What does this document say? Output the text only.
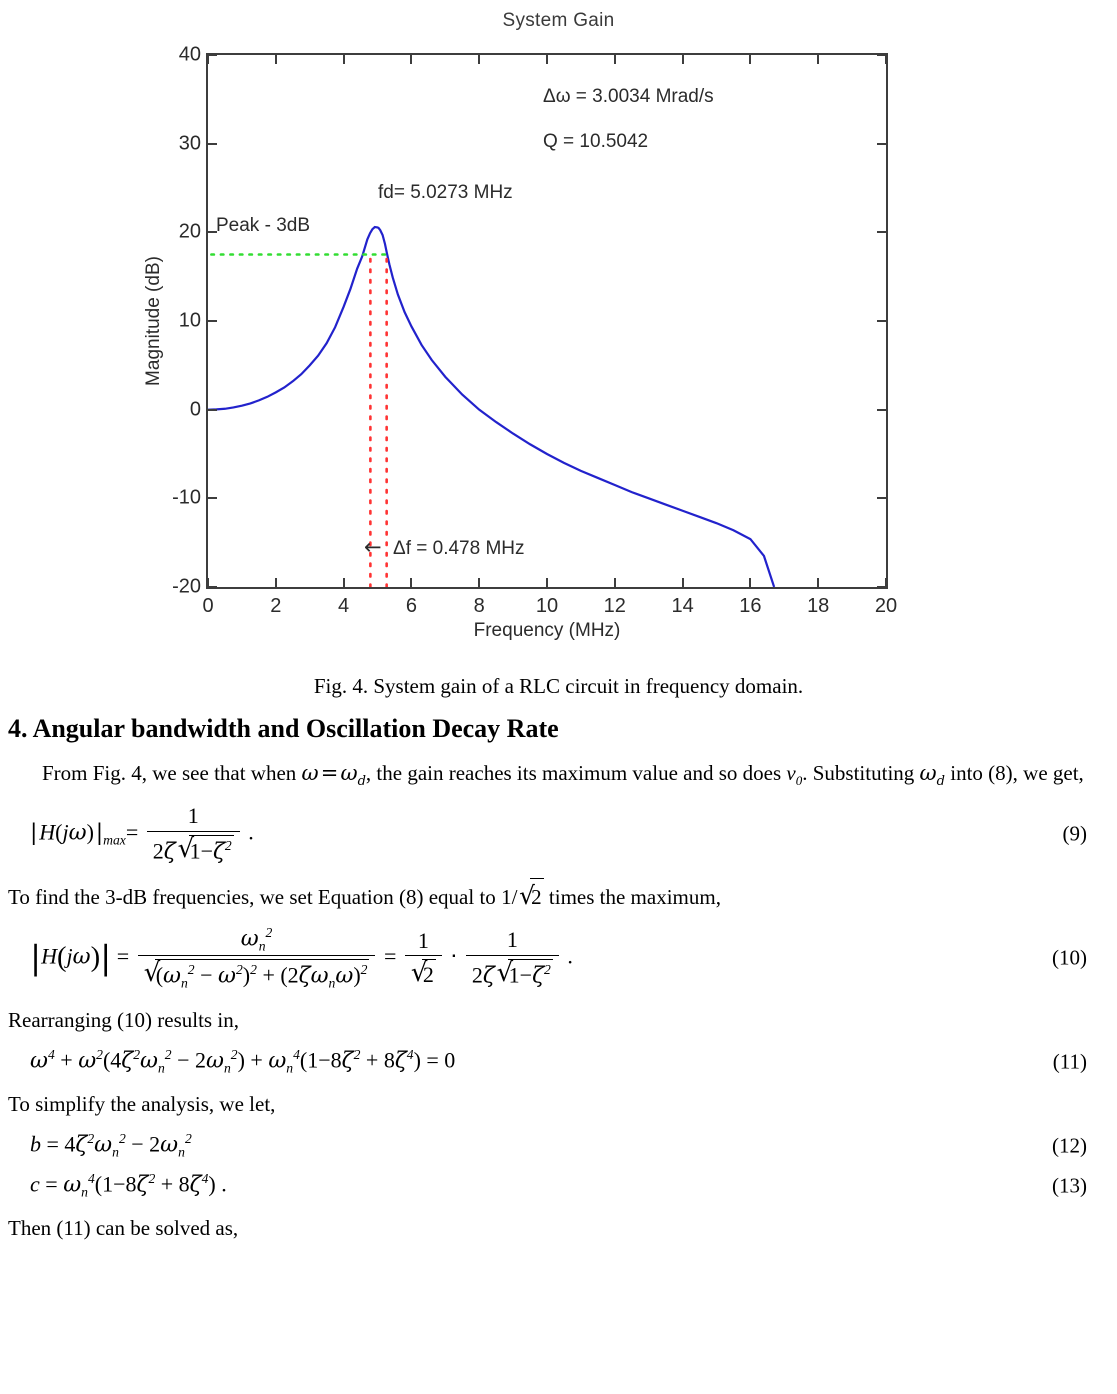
System Gain
Magnitude (dB)
-20
-10
0
10
20
30
40
0	2	4	6	8	10 12 14 16 18 20
Frequency (MHz)
Δω = 3.0034 Mrad/s
Q = 10.5042
fd= 5.0273 MHz
Peak - 3dB
← Δf = 0.478 MHz
Fig. 4. System gain of a RLC circuit in frequency domain.
4. Angular bandwidth and Oscillation Decay Rate

From Fig. 4, we see that when ω = $\omega_d$, the gain reaches its maximum value and so does $v_0$. Substituting $\omega_d$ into (8), we get,

| H(jω) $|_{max}= \frac{1}{2\zeta √ 1-\zeta^2}$ .	(9)

To find the 3-dB frequencies, we set Equation (8) equal to 1/ √ 2 times the maximum,

$|H(j\omega)| = \omega_n^2$
√ $(\omega_n^2 - \omega^2)^2 + (2\zeta\omega_n\omega)^2 = 1$
√ $2 \cdot \frac{1}{2\zeta √ 1-\zeta^2}$ .	(10)

Rearranging (10) results in,

$\omega^4 + \omega^2(4\zeta^2\omega_n^2 - 2\omega_n^2) + \omega_n^4(1-8\zeta^2 + 8\zeta^4) = 0$	(11)

To simplify the analysis, we let,

$b = 4\zeta^2\omega_n^2 - 2\omega_n^2$	(12)
$c = \omega_n^4(1-8\zeta^2 + 8\zeta^4)$ .	(13)

Then (11) can be solved as,
